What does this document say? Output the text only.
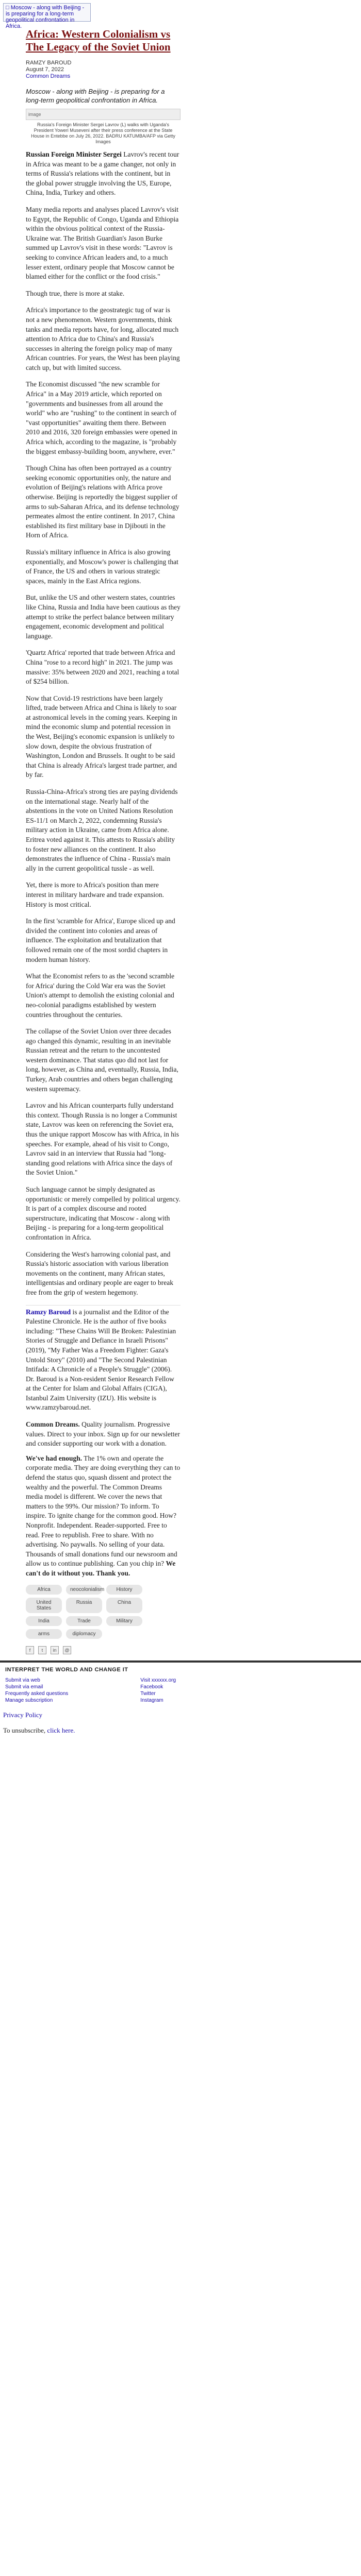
□ Moscow - along with Beijing - is preparing for a long-term geopolitical confrontation in Africa.
Africa: Western Colonialism vs The Legacy of the Soviet Union
RAMZY BAROUD
August 7, 2022
Common Dreams
Moscow - along with Beijing - is preparing for a long-term geopolitical confrontation in Africa.
image
Russia's Foreign Minister Sergei Lavrov (L) walks with Uganda's President Yoweri Museveni after their press conference at the State House in Entebbe on July 26, 2022. BADRU KATUMBA/AFP via Getty Images

Russian Foreign Minister Sergei Lavrov's recent tour in Africa was meant to be a game changer, not only in terms of Russia's relations with the continent, but in the global power struggle involving the US, Europe, China, India, Turkey and others.

Many media reports and analyses placed Lavrov's visit to Egypt, the Republic of Congo, Uganda and Ethiopia within the obvious political context of the Russia-Ukraine war. The British Guardian's Jason Burke summed up Lavrov's visit in these words: "Lavrov is seeking to convince African leaders and, to a much lesser extent, ordinary people that Moscow cannot be blamed either for the conflict or the food crisis."

Though true, there is more at stake.

Africa's importance to the geostrategic tug of war is not a new phenomenon. Western governments, think tanks and media reports have, for long, allocated much attention to Africa due to China's and Russia's successes in altering the foreign policy map of many African countries. For years, the West has been playing catch up, but with limited success.

The Economist discussed "the new scramble for Africa" in a May 2019 article, which reported on "governments and businesses from all around the world" who are "rushing" to the continent in search of "vast opportunities" awaiting them there. Between 2010 and 2016, 320 foreign embassies were opened in Africa which, according to the magazine, is "probably the biggest embassy-building boom, anywhere, ever."

Though China has often been portrayed as a country seeking economic opportunities only, the nature and evolution of Beijing's relations with Africa prove otherwise. Beijing is reportedly the biggest supplier of arms to sub-Saharan Africa, and its defense technology permeates almost the entire continent. In 2017, China established its first military base in Djibouti in the Horn of Africa.

Russia's military influence in Africa is also growing exponentially, and Moscow's power is challenging that of France, the US and others in various strategic spaces, mainly in the East Africa regions.

But, unlike the US and other western states, countries like China, Russia and India have been cautious as they attempt to strike the perfect balance between military engagement, economic development and political language.

'Quartz Africa' reported that trade between Africa and China "rose to a record high" in 2021. The jump was massive: 35% between 2020 and 2021, reaching a total of $254 billion.

Now that Covid-19 restrictions have been largely lifted, trade between Africa and China is likely to soar at astronomical levels in the coming years. Keeping in mind the economic slump and potential recession in the West, Beijing's economic expansion is unlikely to slow down, despite the obvious frustration of Washington, London and Brussels. It ought to be said that China is already Africa's largest trade partner, and by far.

Russia-China-Africa's strong ties are paying dividends on the international stage. Nearly half of the abstentions in the vote on United Nations Resolution ES-11/1 on March 2, 2022, condemning Russia's military action in Ukraine, came from Africa alone. Eritrea voted against it. This attests to Russia's ability to foster new alliances on the continent. It also demonstrates the influence of China - Russia's main ally in the current geopolitical tussle - as well.

Yet, there is more to Africa's position than mere interest in military hardware and trade expansion. History is most critical.

In the first 'scramble for Africa', Europe sliced up and divided the continent into colonies and areas of influence. The exploitation and brutalization that followed remain one of the most sordid chapters in modern human history.

What the Economist refers to as the 'second scramble for Africa' during the Cold War era was the Soviet Union's attempt to demolish the existing colonial and neo-colonial paradigms established by western countries throughout the centuries.

The collapse of the Soviet Union over three decades ago changed this dynamic, resulting in an inevitable Russian retreat and the return to the uncontested western dominance. That status quo did not last for long, however, as China and, eventually, Russia, India, Turkey, Arab countries and others began challenging western supremacy.

Lavrov and his African counterparts fully understand this context. Though Russia is no longer a Communist state, Lavrov was keen on referencing the Soviet era, thus the unique rapport Moscow has with Africa, in his speeches. For example, ahead of his visit to Congo, Lavrov said in an interview that Russia had "long-standing good relations with Africa since the days of the Soviet Union."

Such language cannot be simply designated as opportunistic or merely compelled by political urgency. It is part of a complex discourse and rooted superstructure, indicating that Moscow - along with Beijing - is preparing for a long-term geopolitical confrontation in Africa.

Considering the West's harrowing colonial past, and Russia's historic association with various liberation movements on the continent, many African states, intelligentsias and ordinary people are eager to break free from the grip of western hegemony.

Ramzy Baroud is a journalist and the Editor of the Palestine Chronicle. He is the author of five books including: "These Chains Will Be Broken: Palestinian Stories of Struggle and Defiance in Israeli Prisons" (2019), "My Father Was a Freedom Fighter: Gaza's Untold Story" (2010) and "The Second Palestinian Intifada: A Chronicle of a People's Struggle" (2006). Dr. Baroud is a Non-resident Senior Research Fellow at the Center for Islam and Global Affairs (CIGA), Istanbul Zaim University (IZU). His website is www.ramzybaroud.net.

Common Dreams. Quality journalism. Progressive values. Direct to your inbox. Sign up for our newsletter and consider supporting our work with a donation.

We've had enough. The 1% own and operate the corporate media. They are doing everything they can to defend the status quo, squash dissent and protect the wealthy and the powerful. The Common Dreams media model is different. We cover the news that matters to the 99%. Our mission? To inform. To inspire. To ignite change for the common good. How? Nonprofit. Independent. Reader-supported. Free to read. Free to republish. Free to share. With no advertising. No paywalls. No selling of your data. Thousands of small donations fund our newsroom and allow us to continue publishing. Can you chip in? We can't do it without you. Thank you.

Africa	neocolonialism	History
United States
Russia	China
India	Trade	Military
arms	diplomacy
f	t	in	@
INTERPRET THE WORLD AND CHANGE IT
Submit via web
Submit via email
Frequently asked questions
Manage subscription
Visit xxxxxx.org
Facebook
Twitter
Instagram
Privacy Policy
To unsubscribe, click here.
